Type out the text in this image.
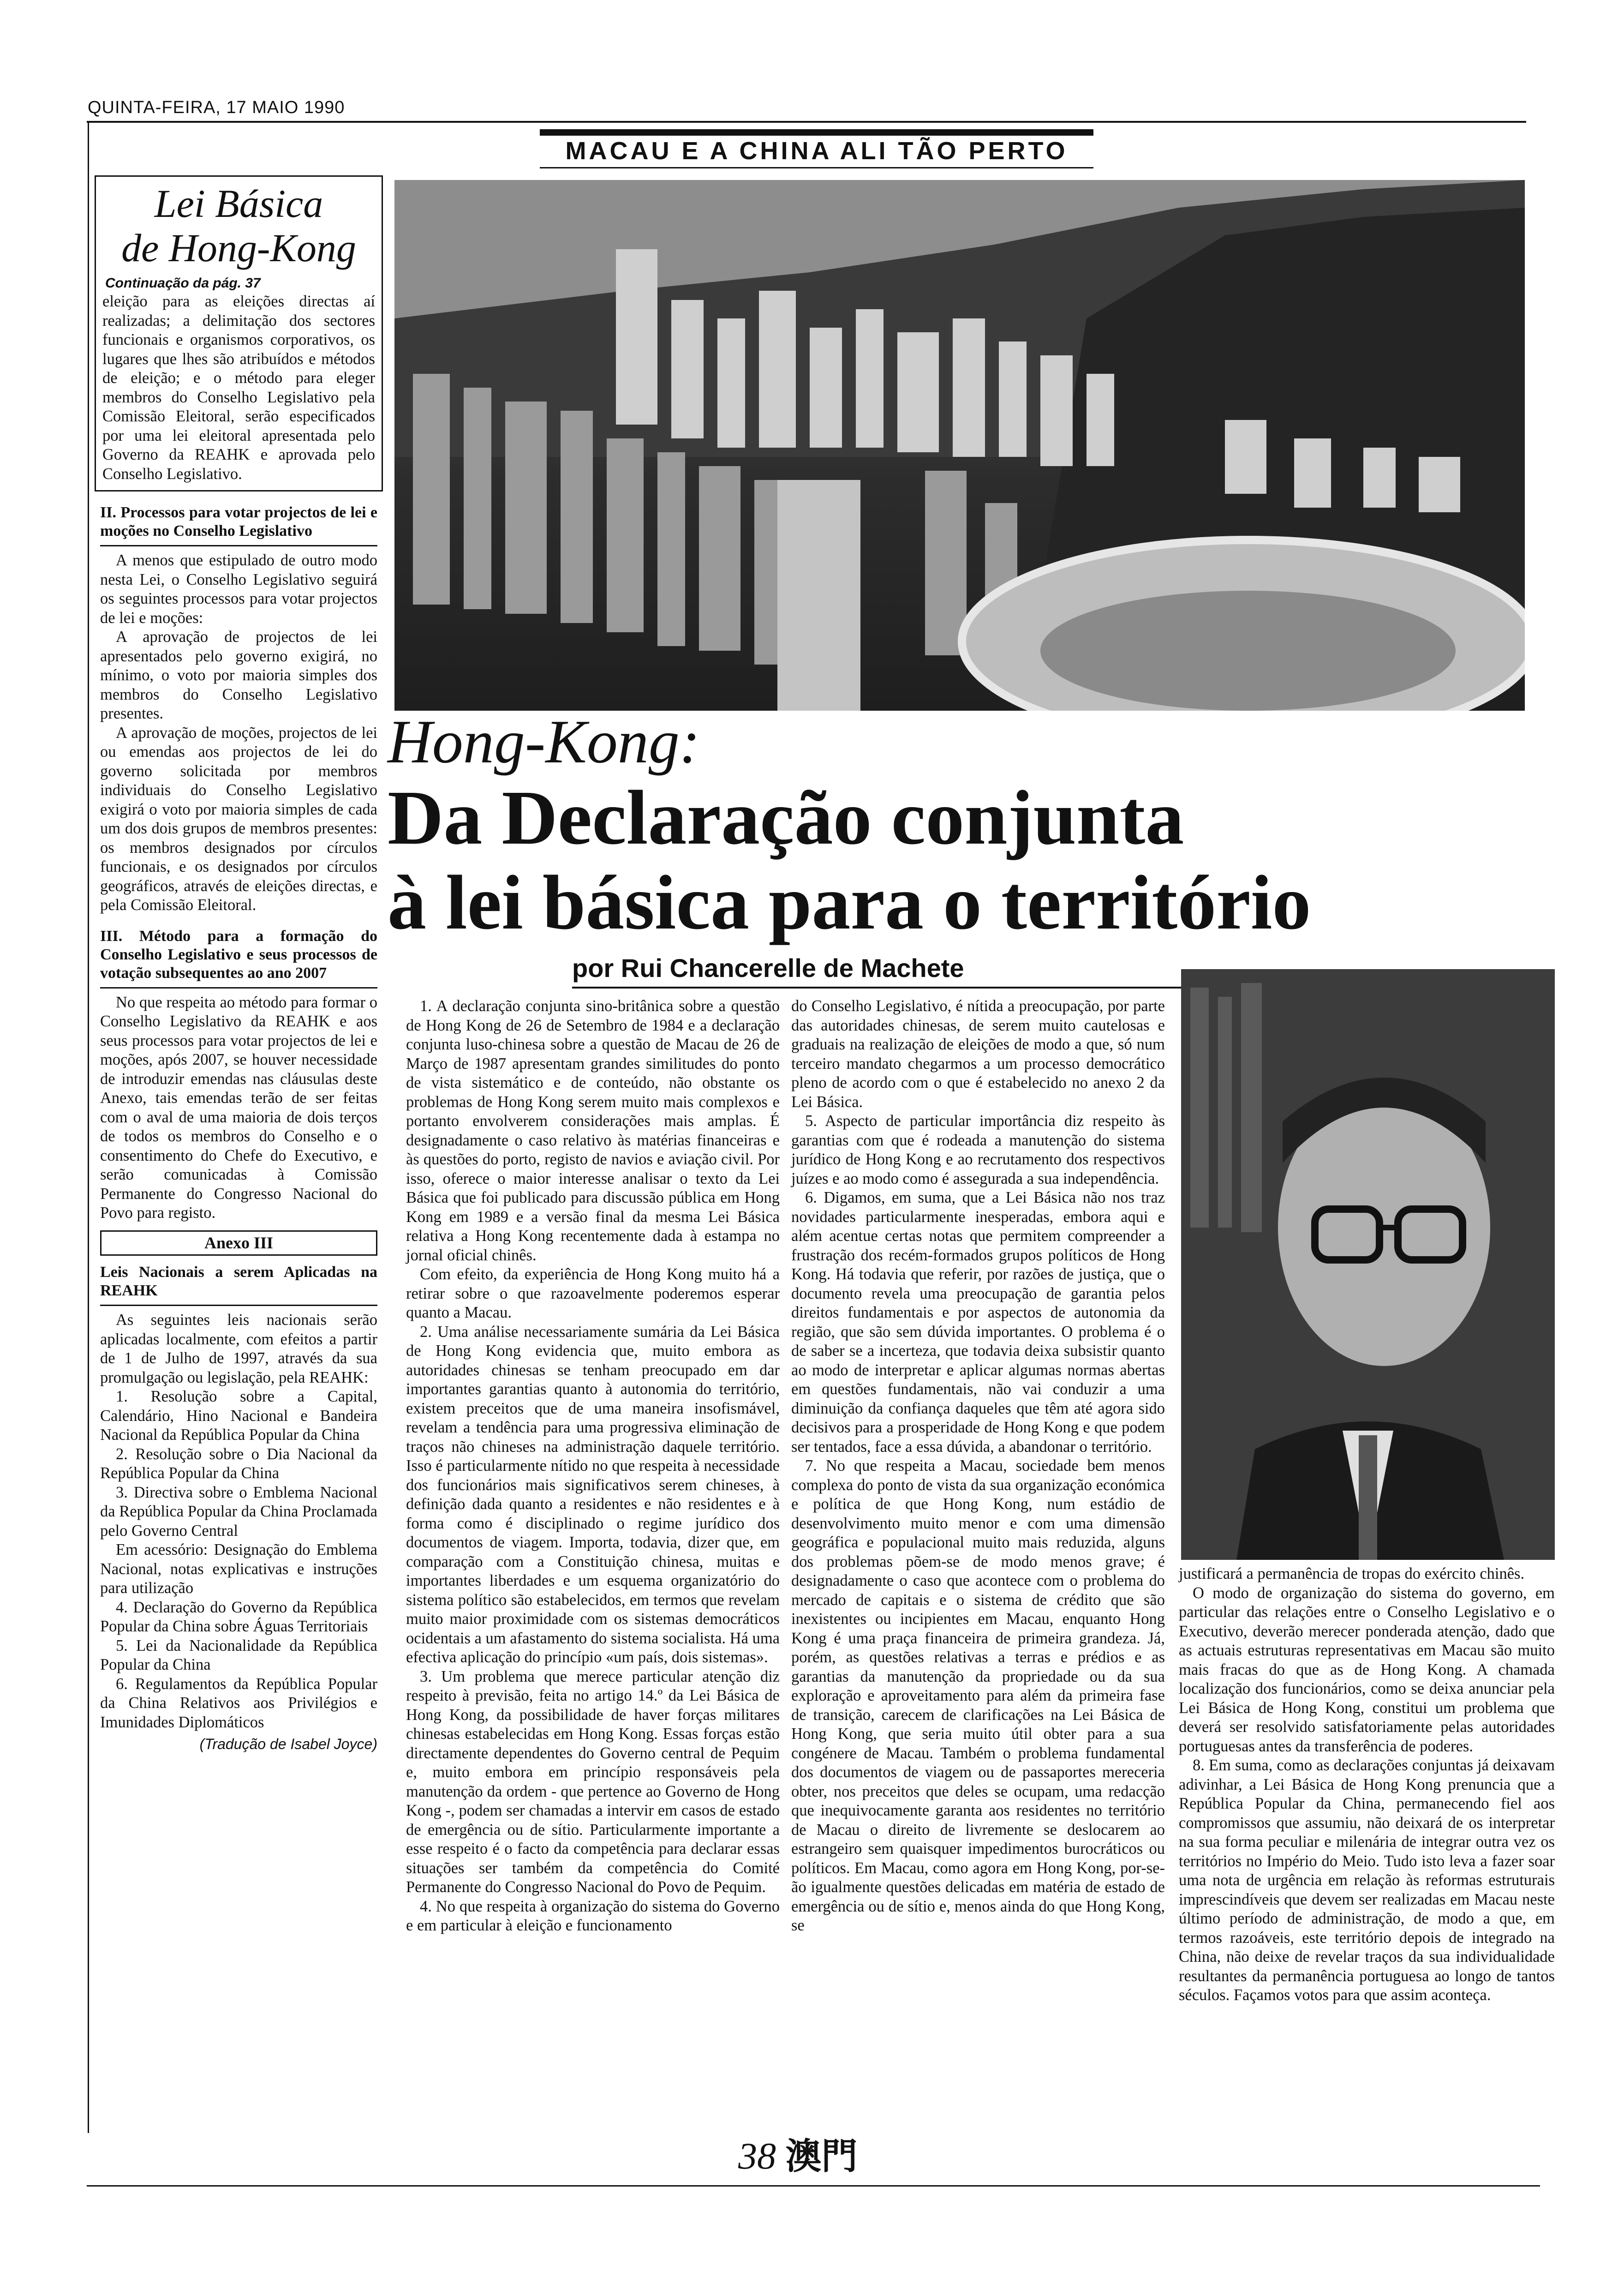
QUINTA-FEIRA, 17 MAIO 1990
MACAU E A CHINA ALI TÃO PERTO
Lei Básica
de Hong-Kong
Continuação da pág. 37

eleição para as eleições directas aí realizadas; a delimitação dos sectores funcionais e organismos corporativos, os lugares que lhes são atribuídos e métodos de eleição; e o método para eleger membros do Conselho Legislativo pela Comissão Eleitoral, serão especificados por uma lei eleitoral apresentada pelo Governo da REAHK e aprovada pelo Conselho Legislativo.

II. Processos para votar projectos de lei e moções no Conselho Legislativo

A menos que estipulado de outro modo nesta Lei, o Conselho Legislativo seguirá os seguintes processos para votar projectos de lei e moções:

A aprovação de projectos de lei apresentados pelo governo exigirá, no mínimo, o voto por maioria simples dos membros do Conselho Legislativo presentes.

A aprovação de moções, projectos de lei ou emendas aos projectos de lei do governo solicitada por membros individuais do Conselho Legislativo exigirá o voto por maioria simples de cada um dos dois grupos de membros presentes: os membros designados por círculos funcionais, e os designados por círculos geográficos, através de eleições directas, e pela Comissão Eleitoral.

III. Método para a formação do Conselho Legislativo e seus processos de votação subsequentes ao ano 2007

No que respeita ao método para formar o Conselho Legislativo da REAHK e aos seus processos para votar projectos de lei e moções, após 2007, se houver necessidade de introduzir emendas nas cláusulas deste Anexo, tais emendas terão de ser feitas com o aval de uma maioria de dois terços de todos os membros do Conselho e o consentimento do Chefe do Executivo, e serão comunicadas à Comissão Permanente do Congresso Nacional do Povo para registo.

Anexo III
Leis Nacionais a serem Aplicadas na REAHK

As seguintes leis nacionais serão aplicadas localmente, com efeitos a partir de 1 de Julho de 1997, através da sua promulgação ou legislação, pela REAHK:

1. Resolução sobre a Capital, Calendário, Hino Nacional e Bandeira Nacional da República Popular da China

2. Resolução sobre o Dia Nacional da República Popular da China

3. Directiva sobre o Emblema Nacional da República Popular da China Proclamada pelo Governo Central

Em acessório: Designação do Emblema Nacional, notas explicativas e instruções para utilização

4. Declaração do Governo da República Popular da China sobre Águas Territoriais

5. Lei da Nacionalidade da República Popular da China

6. Regulamentos da República Popular da China Relativos aos Privilégios e Imunidades Diplomáticos

(Tradução de Isabel Joyce)
Hong-Kong:
Da Declaração conjunta
à lei básica para o território
por Rui Chancerelle de Machete

1. A declaração conjunta sino-britânica sobre a questão de Hong Kong de 26 de Setembro de 1984 e a declaração conjunta luso-chinesa sobre a questão de Macau de 26 de Março de 1987 apresentam grandes similitudes do ponto de vista sistemático e de conteúdo, não obstante os problemas de Hong Kong serem muito mais complexos e portanto envolverem considerações mais amplas. É designadamente o caso relativo às matérias financeiras e às questões do porto, registo de navios e aviação civil. Por isso, oferece o maior interesse analisar o texto da Lei Básica que foi publicado para discussão pública em Hong Kong em 1989 e a versão final da mesma Lei Básica relativa a Hong Kong recentemente dada à estampa no jornal oficial chinês.

Com efeito, da experiência de Hong Kong muito há a retirar sobre o que razoavelmente poderemos esperar quanto a Macau.

2. Uma análise necessariamente sumária da Lei Básica de Hong Kong evidencia que, muito embora as autoridades chinesas se tenham preocupado em dar importantes garantias quanto à autonomia do território, existem preceitos que de uma maneira insofismável, revelam a tendência para uma progressiva eliminação de traços não chineses na administração daquele território. Isso é particularmente nítido no que respeita à necessidade dos funcionários mais significativos serem chineses, à definição dada quanto a residentes e não residentes e à forma como é disciplinado o regime jurídico dos documentos de viagem. Importa, todavia, dizer que, em comparação com a Constituição chinesa, muitas e importantes liberdades e um esquema organizatório do sistema político são estabelecidos, em termos que revelam muito maior proximidade com os sistemas democráticos ocidentais a um afastamento do sistema socialista. Há uma efectiva aplicação do princípio «um país, dois sistemas».

3. Um problema que merece particular atenção diz respeito à previsão, feita no artigo 14.º da Lei Básica de Hong Kong, da possibilidade de haver forças militares chinesas estabelecidas em Hong Kong. Essas forças estão directamente dependentes do Governo central de Pequim e, muito embora em princípio responsáveis pela manutenção da ordem - que pertence ao Governo de Hong Kong -, podem ser chamadas a intervir em casos de estado de emergência ou de sítio. Particularmente importante a esse respeito é o facto da competência para declarar essas situações ser também da competência do Comité Permanente do Congresso Nacional do Povo de Pequim.

4. No que respeita à organização do sistema do Governo e em particular à eleição e funcionamento

do Conselho Legislativo, é nítida a preocupação, por parte das autoridades chinesas, de serem muito cautelosas e graduais na realização de eleições de modo a que, só num terceiro mandato chegarmos a um processo democrático pleno de acordo com o que é estabelecido no anexo 2 da Lei Básica.

5. Aspecto de particular importância diz respeito às garantias com que é rodeada a manutenção do sistema jurídico de Hong Kong e ao recrutamento dos respectivos juízes e ao modo como é assegurada a sua independência.

6. Digamos, em suma, que a Lei Básica não nos traz novidades particularmente inesperadas, embora aqui e além acentue certas notas que permitem compreender a frustração dos recém-formados grupos políticos de Hong Kong. Há todavia que referir, por razões de justiça, que o documento revela uma preocupação de garantia pelos direitos fundamentais e por aspectos de autonomia da região, que são sem dúvida importantes. O problema é o de saber se a incerteza, que todavia deixa subsistir quanto ao modo de interpretar e aplicar algumas normas abertas em questões fundamentais, não vai conduzir a uma diminuição da confiança daqueles que têm até agora sido decisivos para a prosperidade de Hong Kong e que podem ser tentados, face a essa dúvida, a abandonar o território.

7. No que respeita a Macau, sociedade bem menos complexa do ponto de vista da sua organização económica e política de que Hong Kong, num estádio de desenvolvimento muito menor e com uma dimensão geográfica e populacional muito mais reduzida, alguns dos problemas põem-se de modo menos grave; é designadamente o caso que acontece com o problema do mercado de capitais e o sistema de crédito que são inexistentes ou incipientes em Macau, enquanto Hong Kong é uma praça financeira de primeira grandeza. Já, porém, as questões relativas a terras e prédios e as garantias da manutenção da propriedade ou da sua exploração e aproveitamento para além da primeira fase de transição, carecem de clarificações na Lei Básica de Hong Kong, que seria muito útil obter para a sua congénere de Macau. Também o problema fundamental dos documentos de viagem ou de passaportes mereceria obter, nos preceitos que deles se ocupam, uma redacção que inequivocamente garanta aos residentes no território de Macau o direito de livremente se deslocarem ao estrangeiro sem quaisquer impedimentos burocráticos ou políticos. Em Macau, como agora em Hong Kong, por-se-ão igualmente questões delicadas em matéria de estado de emergência ou de sítio e, menos ainda do que Hong Kong, se

justificará a permanência de tropas do exército chinês.

O modo de organização do sistema do governo, em particular das relações entre o Conselho Legislativo e o Executivo, deverão merecer ponderada atenção, dado que as actuais estruturas representativas em Macau são muito mais fracas do que as de Hong Kong. A chamada localização dos funcionários, como se deixa anunciar pela Lei Básica de Hong Kong, constitui um problema que deverá ser resolvido satisfatoriamente pelas autoridades portuguesas antes da transferência de poderes.

8. Em suma, como as declarações conjuntas já deixavam adivinhar, a Lei Básica de Hong Kong prenuncia que a República Popular da China, permanecendo fiel aos compromissos que assumiu, não deixará de os interpretar na sua forma peculiar e milenária de integrar outra vez os territórios no Império do Meio. Tudo isto leva a fazer soar uma nota de urgência em relação às reformas estruturais imprescindíveis que devem ser realizadas em Macau neste último período de administração, de modo a que, em termos razoáveis, este território depois de integrado na China, não deixe de revelar traços da sua individualidade resultantes da permanência portuguesa ao longo de tantos séculos. Façamos votos para que assim aconteça.

38 澳門
